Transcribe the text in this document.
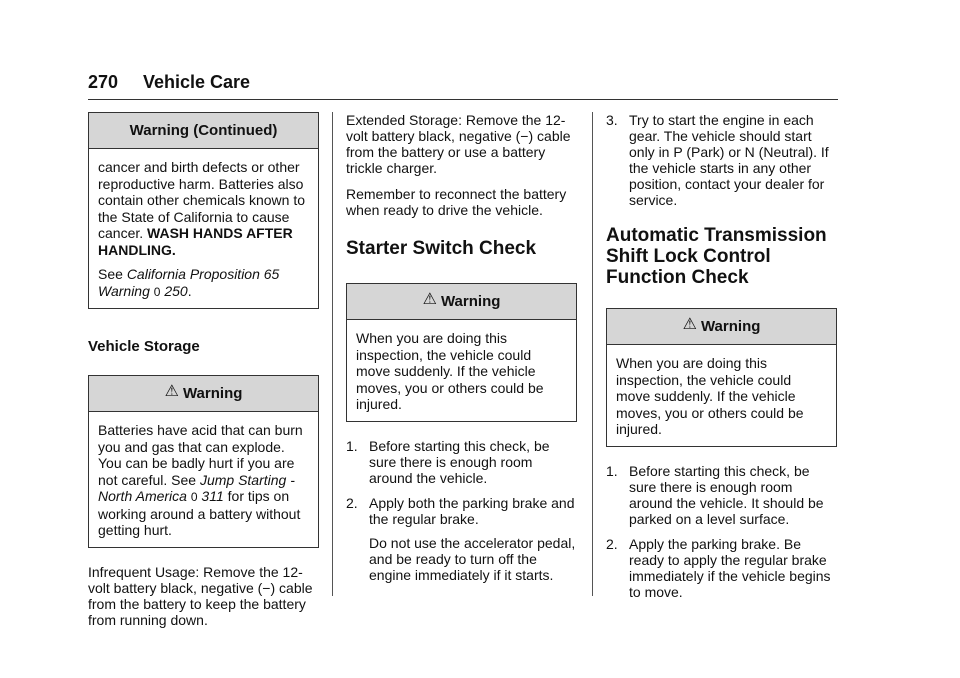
270 Vehicle Care
Warning (Continued)

cancer and birth defects or other reproductive harm. Batteries also contain other chemicals known to the State of California to cause cancer. WASH HANDS AFTER HANDLING.

See California Proposition 65 Warning 0 250.

Vehicle Storage

⚠ Warning

Batteries have acid that can burn you and gas that can explode. You can be badly hurt if you are not careful. See Jump Starting - North America 0 311 for tips on working around a battery without getting hurt.

Infrequent Usage: Remove the 12-volt battery black, negative (−) cable from the battery to keep the battery from running down.

Extended Storage: Remove the 12-volt battery black, negative (−) cable from the battery or use a battery trickle charger.

Remember to reconnect the battery when ready to drive the vehicle.

Starter Switch Check

⚠ Warning

When you are doing this inspection, the vehicle could move suddenly. If the vehicle moves, you or others could be injured.

1. Before starting this check, be sure there is enough room around the vehicle.
2. Apply both the parking brake and the regular brake.
Do not use the accelerator pedal, and be ready to turn off the engine immediately if it starts.
3. Try to start the engine in each gear. The vehicle should start only in P (Park) or N (Neutral). If the vehicle starts in any other position, contact your dealer for service.

Automatic Transmission Shift Lock Control Function Check

⚠ Warning

When you are doing this inspection, the vehicle could move suddenly. If the vehicle moves, you or others could be injured.

1. Before starting this check, be sure there is enough room around the vehicle. It should be parked on a level surface.
2. Apply the parking brake. Be ready to apply the regular brake immediately if the vehicle begins to move.
